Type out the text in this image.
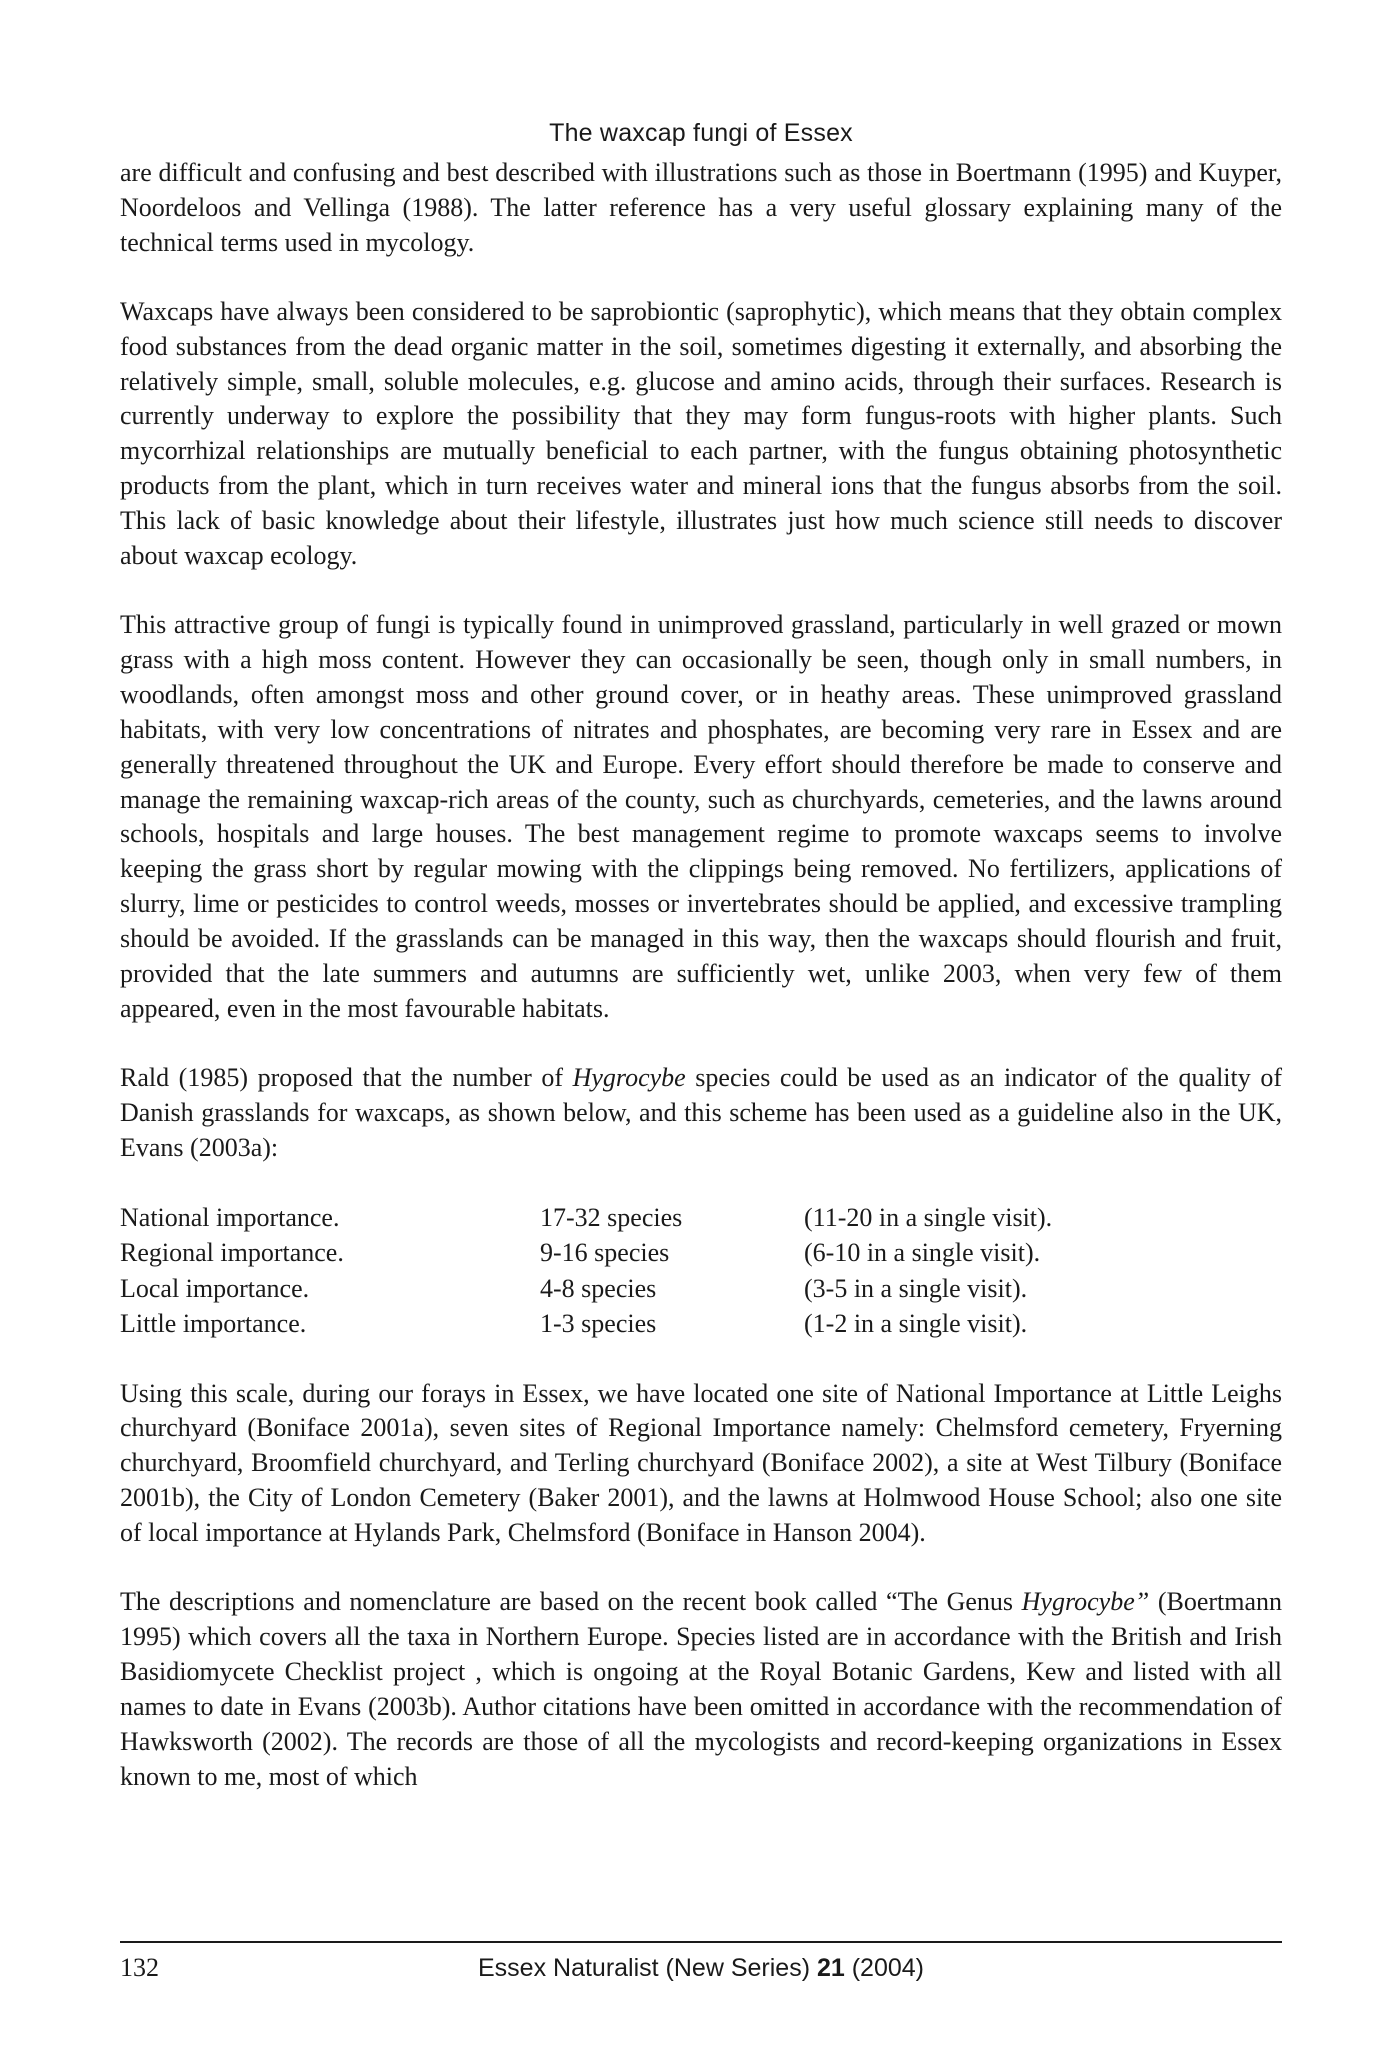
The waxcap fungi of Essex

are difficult and confusing and best described with illustrations such as those in Boertmann (1995) and Kuyper, Noordeloos and Vellinga (1988). The latter reference has a very useful glossary explaining many of the technical terms used in mycology.

Waxcaps have always been considered to be saprobiontic (saprophytic), which means that they obtain complex food substances from the dead organic matter in the soil, sometimes digesting it externally, and absorbing the relatively simple, small, soluble molecules, e.g. glucose and amino acids, through their surfaces. Research is currently underway to explore the possibility that they may form fungus-roots with higher plants. Such mycorrhizal relationships are mutually beneficial to each partner, with the fungus obtaining photosynthetic products from the plant, which in turn receives water and mineral ions that the fungus absorbs from the soil. This lack of basic knowledge about their lifestyle, illustrates just how much science still needs to discover about waxcap ecology.

This attractive group of fungi is typically found in unimproved grassland, particularly in well grazed or mown grass with a high moss content. However they can occasionally be seen, though only in small numbers, in woodlands, often amongst moss and other ground cover, or in heathy areas. These unimproved grassland habitats, with very low concentrations of nitrates and phosphates, are becoming very rare in Essex and are generally threatened throughout the UK and Europe. Every effort should therefore be made to conserve and manage the remaining waxcap-rich areas of the county, such as churchyards, cemeteries, and the lawns around schools, hospitals and large houses. The best management regime to promote waxcaps seems to involve keeping the grass short by regular mowing with the clippings being removed. No fertilizers, applications of slurry, lime or pesticides to control weeds, mosses or invertebrates should be applied, and excessive trampling should be avoided. If the grasslands can be managed in this way, then the waxcaps should flourish and fruit, provided that the late summers and autumns are sufficiently wet, unlike 2003, when very few of them appeared, even in the most favourable habitats.

Rald (1985) proposed that the number of Hygrocybe species could be used as an indicator of the quality of Danish grasslands for waxcaps, as shown below, and this scheme has been used as a guideline also in the UK, Evans (2003a):

National importance.	17-32 species	(11-20 in a single visit).
Regional importance.	9-16 species	(6-10 in a single visit).
Local importance.	4-8 species	(3-5 in a single visit).
Little importance.	1-3 species	(1-2 in a single visit).

Using this scale, during our forays in Essex, we have located one site of National Importance at Little Leighs churchyard (Boniface 2001a), seven sites of Regional Importance namely: Chelmsford cemetery, Fryerning churchyard, Broomfield churchyard, and Terling churchyard (Boniface 2002), a site at West Tilbury (Boniface 2001b), the City of London Cemetery (Baker 2001), and the lawns at Holmwood House School; also one site of local importance at Hylands Park, Chelmsford (Boniface in Hanson 2004).

The descriptions and nomenclature are based on the recent book called “The Genus Hygrocybe” (Boertmann 1995) which covers all the taxa in Northern Europe. Species listed are in accordance with the British and Irish Basidiomycete Checklist project , which is ongoing at the Royal Botanic Gardens, Kew and listed with all names to date in Evans (2003b). Author citations have been omitted in accordance with the recommendation of Hawksworth (2002). The records are those of all the mycologists and record-keeping organizations in Essex known to me, most of which

132	Essex Naturalist (New Series) 21 (2004)
